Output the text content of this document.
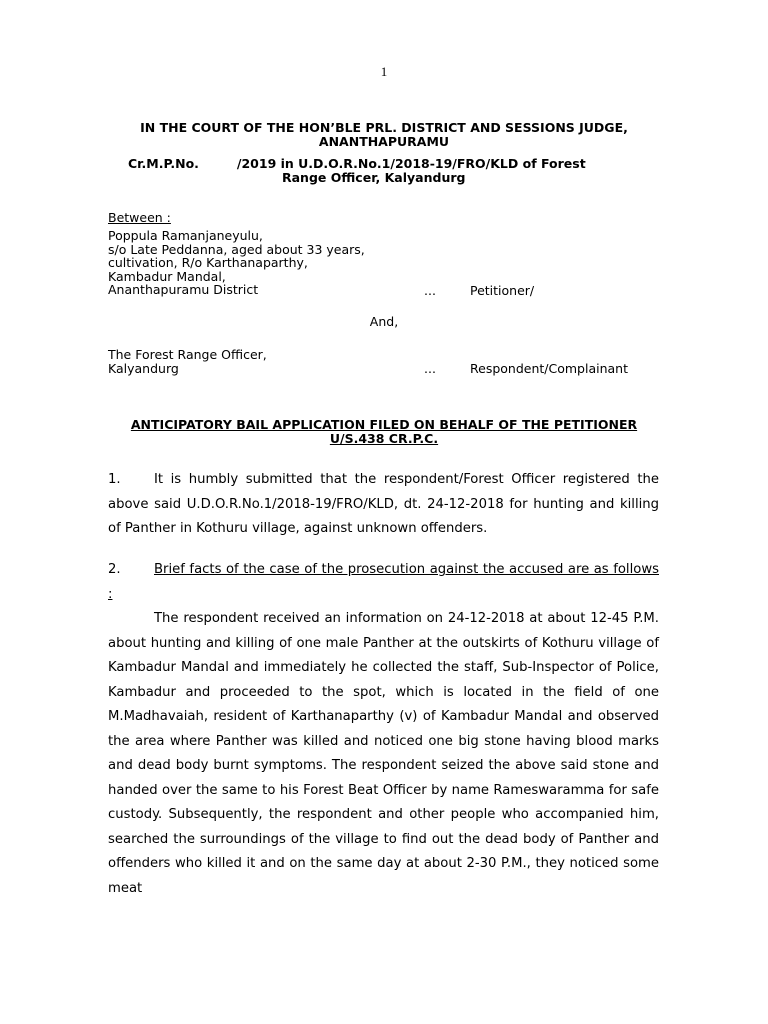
1
IN THE COURT OF THE HON’BLE PRL. DISTRICT AND SESSIONS JUDGE, ANANTHAPURAMU
Cr.M.P.No.	/2019 in U.D.O.R.No.1/2018-19/FRO/KLD of Forest
Range Officer, Kalyandurg
Between :
Poppula Ramanjaneyulu,
s/o Late Peddanna, aged about 33 years,
cultivation, R/o Karthanaparthy,
Kambadur Mandal,
Ananthapuramu District	...	Petitioner/
And,
The Forest Range Officer,
Kalyandurg	...	Respondent/Complainant
ANTICIPATORY BAIL APPLICATION FILED ON BEHALF OF THE PETITIONER U/S.438 CR.P.C.
1.	It is humbly submitted that the respondent/Forest Officer registered the above said U.D.O.R.No.1/2018-19/FRO/KLD, dt. 24-12-2018 for hunting and killing of Panther in Kothuru village, against unknown offenders.
2.	Brief facts of the case of the prosecution against the accused are as follows :
The respondent received an information on 24-12-2018 at about 12-45 P.M. about hunting and killing of one male Panther at the outskirts of Kothuru village of Kambadur Mandal and immediately he collected the staff, Sub-Inspector of Police, Kambadur and proceeded to the spot, which is located in the field of one M.Madhavaiah, resident of Karthanaparthy (v) of Kambadur Mandal and observed the area where Panther was killed and noticed one big stone having blood marks and dead body burnt symptoms. The respondent seized the above said stone and handed over the same to his Forest Beat Officer by name Rameswaramma for safe custody. Subsequently, the respondent and other people who accompanied him, searched the surroundings of the village to find out the dead body of Panther and offenders who killed it and on the same day at about 2-30 P.M., they noticed some meat
